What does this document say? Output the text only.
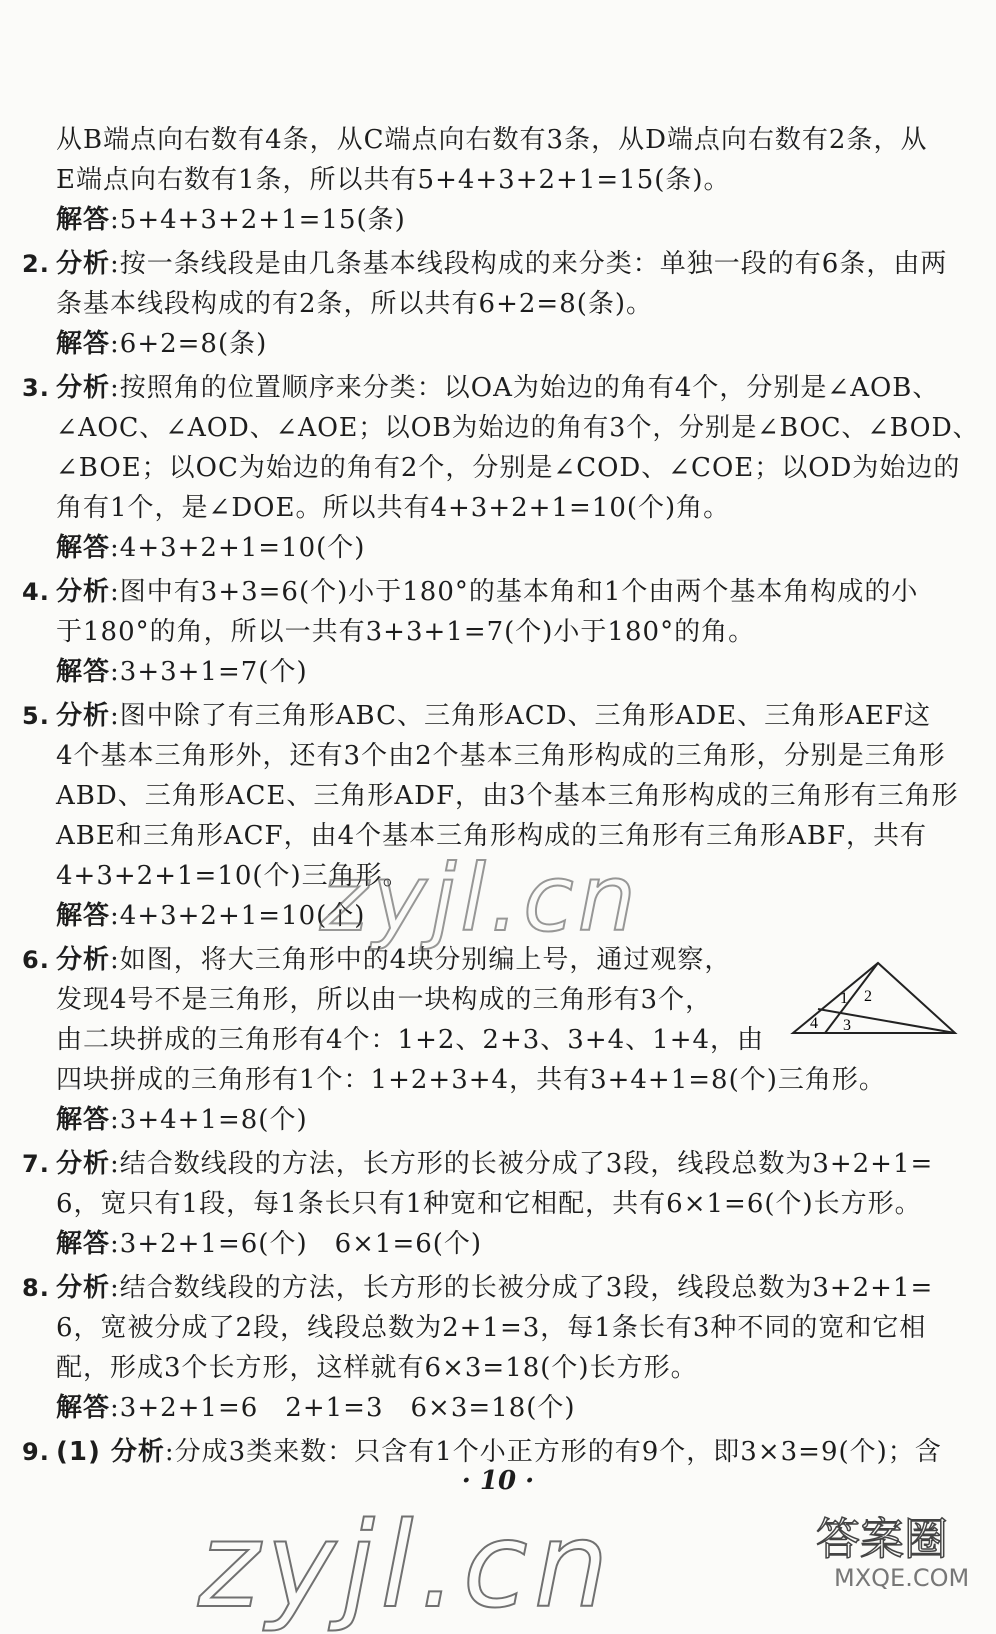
从B端点向右数有4条，从C端点向右数有3条，从D端点向右数有2条，从
E端点向右数有1条，所以共有5+4+3+2+1=15(条)。
解答:5+4+3+2+1=15(条)
2. 分析:按一条线段是由几条基本线段构成的来分类：单独一段的有6条，由两
条基本线段构成的有2条，所以共有6+2=8(条)。
解答:6+2=8(条)
3. 分析:按照角的位置顺序来分类：以OA为始边的角有4个，分别是∠AOB、
∠AOC、∠AOD、∠AOE；以OB为始边的角有3个，分别是∠BOC、∠BOD、
∠BOE；以OC为始边的角有2个，分别是∠COD、∠COE；以OD为始边的
角有1个，是∠DOE。所以共有4+3+2+1=10(个)角。
解答:4+3+2+1=10(个)
4. 分析:图中有3+3=6(个)小于180°的基本角和1个由两个基本角构成的小
于180°的角，所以一共有3+3+1=7(个)小于180°的角。
解答:3+3+1=7(个)
5. 分析:图中除了有三角形ABC、三角形ACD、三角形ADE、三角形AEF这
4个基本三角形外，还有3个由2个基本三角形构成的三角形，分别是三角形
ABD、三角形ACE、三角形ADF，由3个基本三角形构成的三角形有三角形
ABE和三角形ACF，由4个基本三角形构成的三角形有三角形ABF，共有
4+3+2+1=10(个)三角形。
解答:4+3+2+1=10(个)
6. 分析:如图，将大三角形中的4块分别编上号，通过观察，
发现4号不是三角形，所以由一块构成的三角形有3个，
由二块拼成的三角形有4个：1+2、2+3、3+4、1+4，由
四块拼成的三角形有1个：1+2+3+4，共有3+4+1=8(个)三角形。
解答:3+4+1=8(个)
7. 分析:结合数线段的方法，长方形的长被分成了3段，线段总数为3+2+1=
6，宽只有1段，每1条长只有1种宽和它相配，共有6×1=6(个)长方形。
解答:3+2+1=6(个)　6×1=6(个)
8. 分析:结合数线段的方法，长方形的长被分成了3段，线段总数为3+2+1=
6，宽被分成了2段，线段总数为2+1=3，每1条长有3种不同的宽和它相
配，形成3个长方形，这样就有6×3=18(个)长方形。
解答:3+2+1=6　2+1=3　6×3=18(个)
9. (1) 分析:分成3类来数：只含有1个小正方形的有9个，即3×3=9(个)；含
1 2
4 3
zyjl.cn
· 10 ·
zyjl.cn	答案圈
MXQE.COM
